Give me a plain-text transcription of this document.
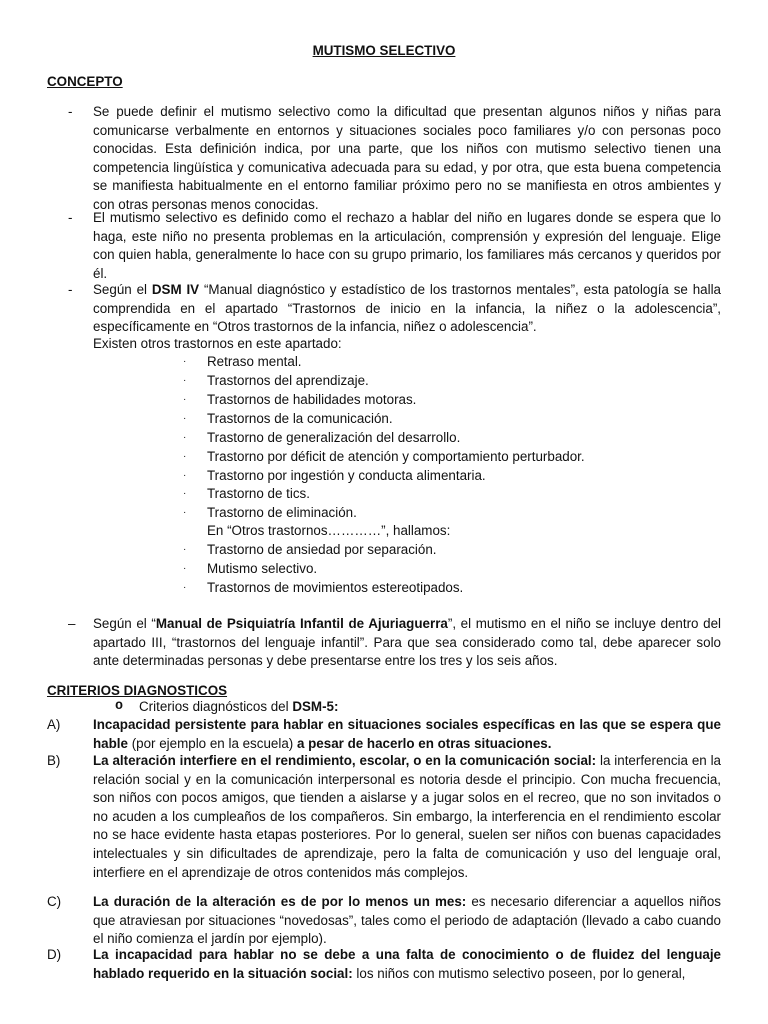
MUTISMO SELECTIVO
CONCEPTO
- Se puede definir el mutismo selectivo como la dificultad que presentan algunos niños y niñas para comunicarse verbalmente en entornos y situaciones sociales poco familiares y/o con personas poco conocidas. Esta definición indica, por una parte, que los niños con mutismo selectivo tienen una competencia lingüística y comunicativa adecuada para su edad, y por otra, que esta buena competencia se manifiesta habitualmente en el entorno familiar próximo pero no se manifiesta en otros ambientes y con otras personas menos conocidas.
- El mutismo selectivo es definido como el rechazo a hablar del niño en lugares donde se espera que lo haga, este niño no presenta problemas en la articulación, comprensión y expresión del lenguaje. Elige con quien habla, generalmente lo hace con su grupo primario, los familiares más cercanos y queridos por él.
- Según el DSM IV “Manual diagnóstico y estadístico de los trastornos mentales”, esta patología se halla comprendida en el apartado “Trastornos de inicio en la infancia, la niñez o la adolescencia”, específicamente en “Otros trastornos de la infancia, niñez o adolescencia”.
Existen otros trastornos en este apartado:
· Retraso mental.
· Trastornos del aprendizaje.
· Trastornos de habilidades motoras.
· Trastornos de la comunicación.
· Trastorno de generalización del desarrollo.
· Trastorno por déficit de atención y comportamiento perturbador.
· Trastorno por ingestión y conducta alimentaria.
· Trastorno de tics.
· Trastorno de eliminación.
En “Otros trastornos…………”, hallamos:
· Trastorno de ansiedad por separación.
· Mutismo selectivo.
· Trastornos de movimientos estereotipados.
– Según el “Manual de Psiquiatría Infantil de Ajuriaguerra”, el mutismo en el niño se incluye dentro del apartado III, “trastornos del lenguaje infantil”. Para que sea considerado como tal, debe aparecer solo ante determinadas personas y debe presentarse entre los tres y los seis años.
CRITERIOS DIAGNOSTICOS
o Criterios diagnósticos del DSM-5:
A) Incapacidad persistente para hablar en situaciones sociales específicas en las que se espera que hable (por ejemplo en la escuela) a pesar de hacerlo en otras situaciones.
B) La alteración interfiere en el rendimiento, escolar, o en la comunicación social: la interferencia en la relación social y en la comunicación interpersonal es notoria desde el principio. Con mucha frecuencia, son niños con pocos amigos, que tienden a aislarse y a jugar solos en el recreo, que no son invitados o no acuden a los cumpleaños de los compañeros. Sin embargo, la interferencia en el rendimiento escolar no se hace evidente hasta etapas posteriores. Por lo general, suelen ser niños con buenas capacidades intelectuales y sin dificultades de aprendizaje, pero la falta de comunicación y uso del lenguaje oral, interfiere en el aprendizaje de otros contenidos más complejos.
C) La duración de la alteración es de por lo menos un mes: es necesario diferenciar a aquellos niños que atraviesan por situaciones “novedosas”, tales como el periodo de adaptación (llevado a cabo cuando el niño comienza el jardín por ejemplo).
D) La incapacidad para hablar no se debe a una falta de conocimiento o de fluidez del lenguaje hablado requerido en la situación social: los niños con mutismo selectivo poseen, por lo general,
